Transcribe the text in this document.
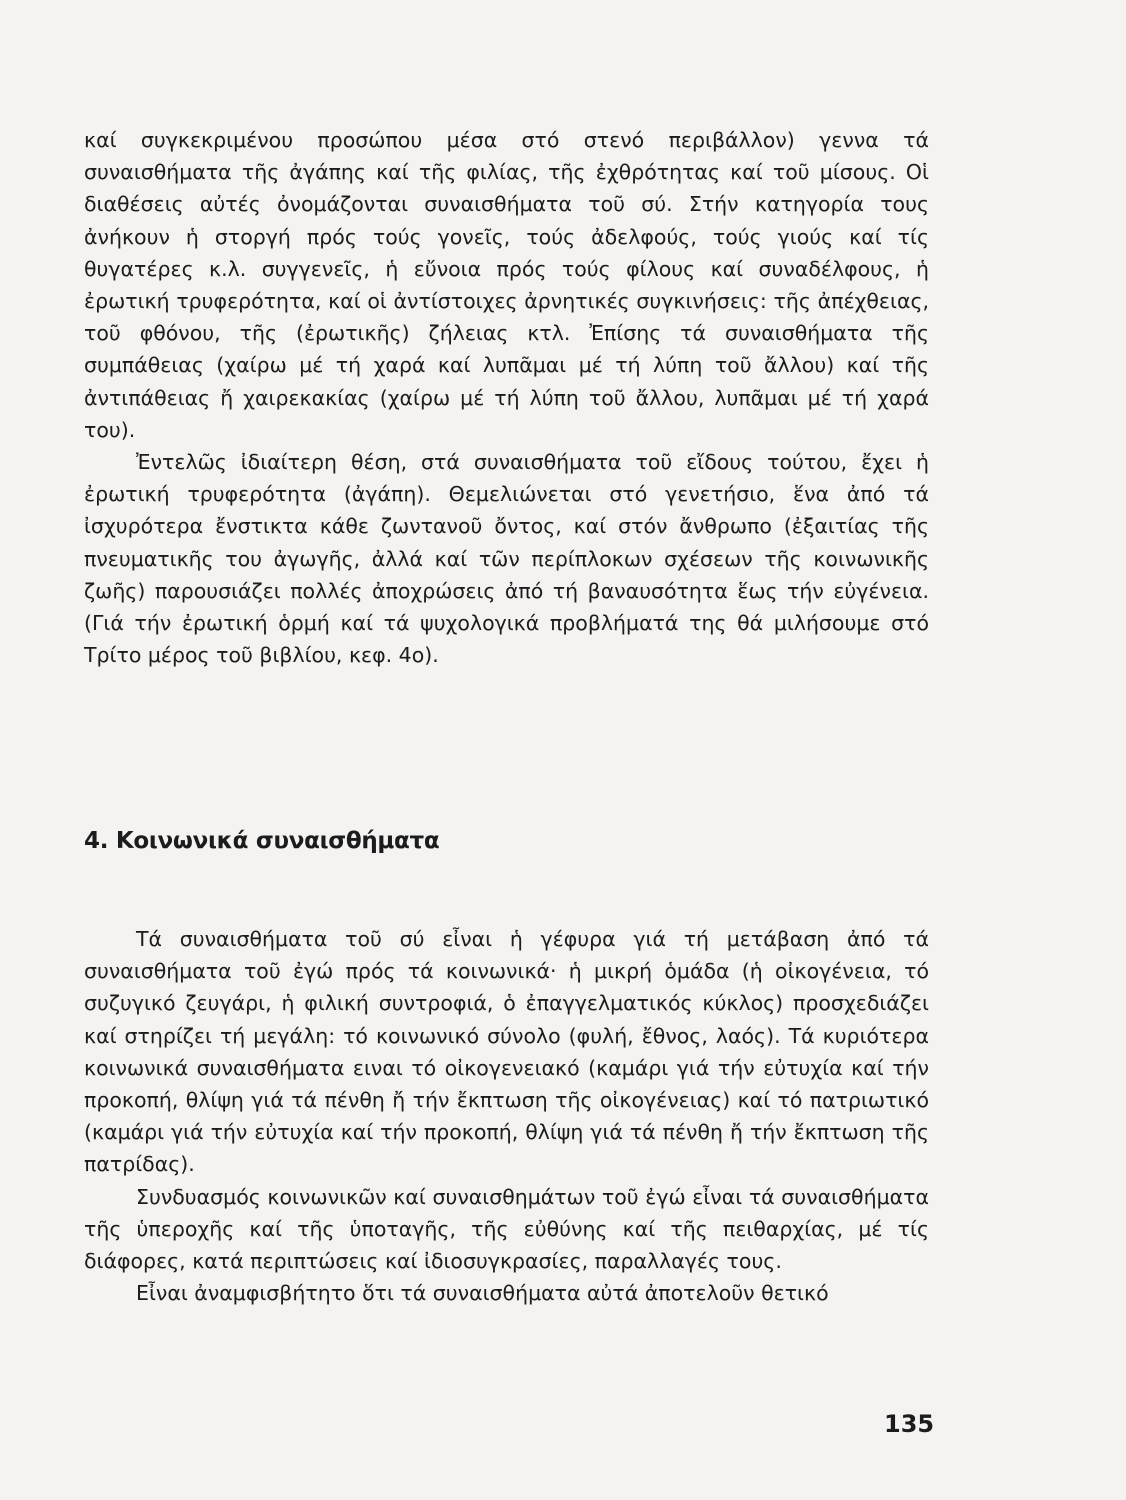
καί συγκεκριμένου προσώπου μέσα στό στενό περιβάλλον) γεννα τά συναισθήματα τῆς ἀγάπης καί τῆς φιλίας, τῆς ἐχθρότητας καί τοῦ μίσους. Οἱ διαθέσεις αὐτές ὀνομάζονται συναισθήματα τοῦ σύ. Στήν κατηγορία τους ἀνήκουν ἡ στοργή πρός τούς γονεῖς, τούς ἀδελφούς, τούς γιούς καί τίς θυγατέρες κ.λ. συγγενεῖς, ἡ εὔνοια πρός τούς φίλους καί συναδέλφους, ἡ ἐρωτική τρυφερότητα, καί οἱ ἀντίστοιχες ἀρνητικές συγκινήσεις: τῆς ἀπέχθειας, τοῦ φθόνου, τῆς (ἐρωτικῆς) ζήλειας κτλ. Ἐπίσης τά συναισθήματα τῆς συμπάθειας (χαίρω μέ τή χαρά καί λυπᾶμαι μέ τή λύπη τοῦ ἄλλου) καί τῆς ἀντιπάθειας ἤ χαιρεκακίας (χαίρω μέ τή λύπη τοῦ ἄλλου, λυπᾶμαι μέ τή χαρά του).

Ἐντελῶς ἰδιαίτερη θέση, στά συναισθήματα τοῦ εἴδους τούτου, ἔχει ἡ ἐρωτική τρυφερότητα (ἀγάπη). Θεμελιώνεται στό γενετήσιο, ἕνα ἀπό τά ἰσχυρότερα ἔνστικτα κάθε ζωντανοῦ ὄντος, καί στόν ἄνθρωπο (ἐξαιτίας τῆς πνευματικῆς του ἀγωγῆς, ἀλλά καί τῶν περίπλοκων σχέσεων τῆς κοινωνικῆς ζωῆς) παρουσιάζει πολλές ἀποχρώσεις ἀπό τή βαναυσότητα ἕως τήν εὐγένεια. (Γιά τήν ἐρωτική ὁρμή καί τά ψυχολογικά προβλήματά της θά μιλήσουμε στό Τρίτο μέρος τοῦ βιβλίου, κεφ. 4ο).

4. Κοινωνικά συναισθήματα

Τά συναισθήματα τοῦ σύ εἶναι ἡ γέφυρα γιά τή μετάβαση ἀπό τά συναισθήματα τοῦ ἐγώ πρός τά κοινωνικά· ἡ μικρή ὁμάδα (ἡ οἰκογένεια, τό συζυγικό ζευγάρι, ἡ φιλική συντροφιά, ὁ ἐπαγγελματικός κύκλος) προσχεδιάζει καί στηρίζει τή μεγάλη: τό κοινωνικό σύνολο (φυλή, ἔθνος, λαός). Τά κυριότερα κοινωνικά συναισθήματα ειναι τό οἰκογενειακό (καμάρι γιά τήν εὐτυχία καί τήν προκοπή, θλίψη γιά τά πένθη ἤ τήν ἔκπτωση τῆς οἰκογένειας) καί τό πατριωτικό (καμάρι γιά τήν εὐτυχία καί τήν προκοπή, θλίψη γιά τά πένθη ἤ τήν ἔκπτωση τῆς πατρίδας).

Συνδυασμός κοινωνικῶν καί συναισθημάτων τοῦ ἐγώ εἶναι τά συναισθήματα τῆς ὑπεροχῆς καί τῆς ὑποταγῆς, τῆς εὐθύνης καί τῆς πειθαρχίας, μέ τίς διάφορες, κατά περιπτώσεις καί ἰδιοσυγκρασίες, παραλλαγές τους.

Εἶναι ἀναμφισβήτητο ὅτι τά συναισθήματα αὐτά ἀποτελοῦν θετικό

135
